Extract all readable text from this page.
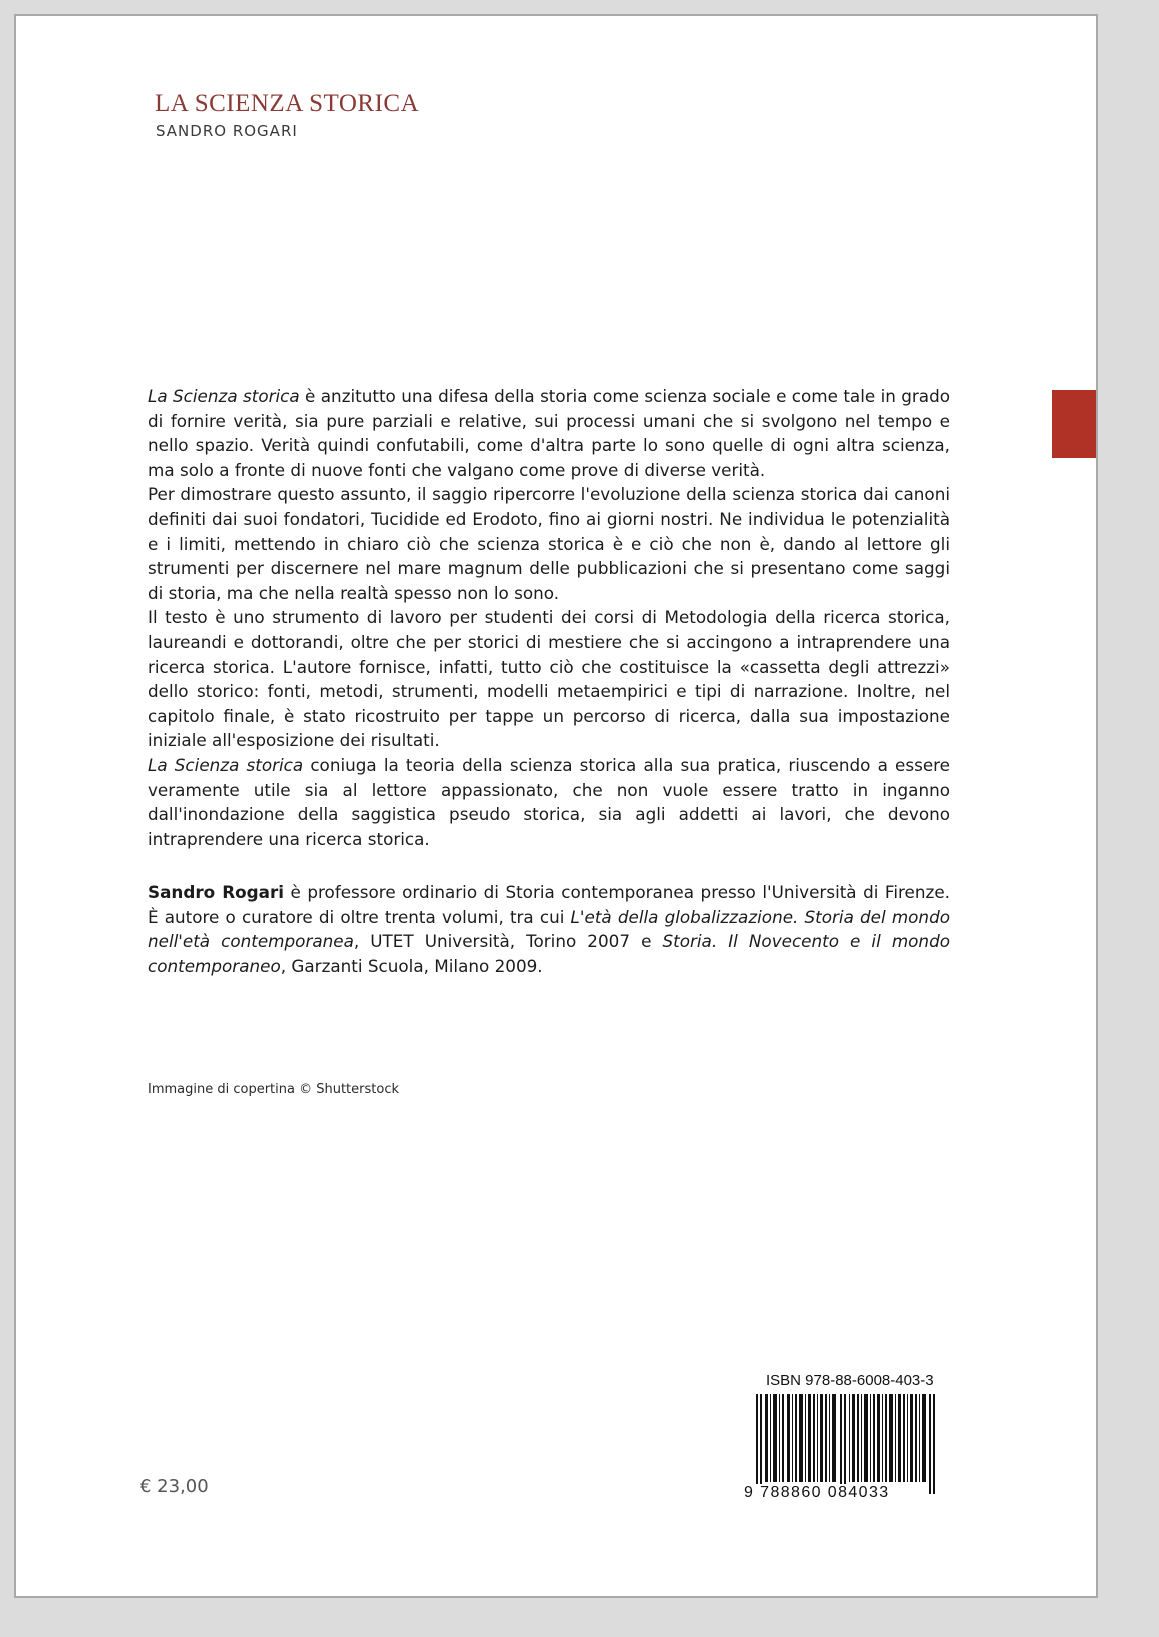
LA SCIENZA STORICA
SANDRO ROGARI

La Scienza storica è anzitutto una difesa della storia come scienza sociale e come tale in grado di fornire verità, sia pure parziali e relative, sui processi umani che si svolgono nel tempo e nello spazio. Verità quindi confutabili, come d'altra parte lo sono quelle di ogni altra scienza, ma solo a fronte di nuove fonti che valgano come prove di diverse verità.

Per dimostrare questo assunto, il saggio ripercorre l'evoluzione della scienza storica dai canoni definiti dai suoi fondatori, Tucidide ed Erodoto, fino ai giorni nostri. Ne individua le potenzialità e i limiti, mettendo in chiaro ciò che scienza storica è e ciò che non è, dando al lettore gli strumenti per discernere nel mare magnum delle pubblicazioni che si presentano come saggi di storia, ma che nella realtà spesso non lo sono.

Il testo è uno strumento di lavoro per studenti dei corsi di Metodologia della ricerca storica, laureandi e dottorandi, oltre che per storici di mestiere che si accingono a intraprendere una ricerca storica. L'autore fornisce, infatti, tutto ciò che costituisce la «cassetta degli attrezzi» dello storico: fonti, metodi, strumenti, modelli metaempirici e tipi di narrazione. Inoltre, nel capitolo finale, è stato ricostruito per tappe un percorso di ricerca, dalla sua impostazione iniziale all'esposizione dei risultati.

La Scienza storica coniuga la teoria della scienza storica alla sua pratica, riuscendo a essere veramente utile sia al lettore appassionato, che non vuole essere tratto in inganno dall'inondazione della saggistica pseudo storica, sia agli addetti ai lavori, che devono intraprendere una ricerca storica.

Sandro Rogari è professore ordinario di Storia contemporanea presso l'Università di Firenze. È autore o curatore di oltre trenta volumi, tra cui L'età della globalizzazione. Storia del mondo nell'età contemporanea, UTET Università, Torino 2007 e Storia. Il Novecento e il mondo contemporaneo, Garzanti Scuola, Milano 2009.

Immagine di copertina © Shutterstock
€ 23,00
ISBN 978-88-6008-403-3
9 788860 084033
